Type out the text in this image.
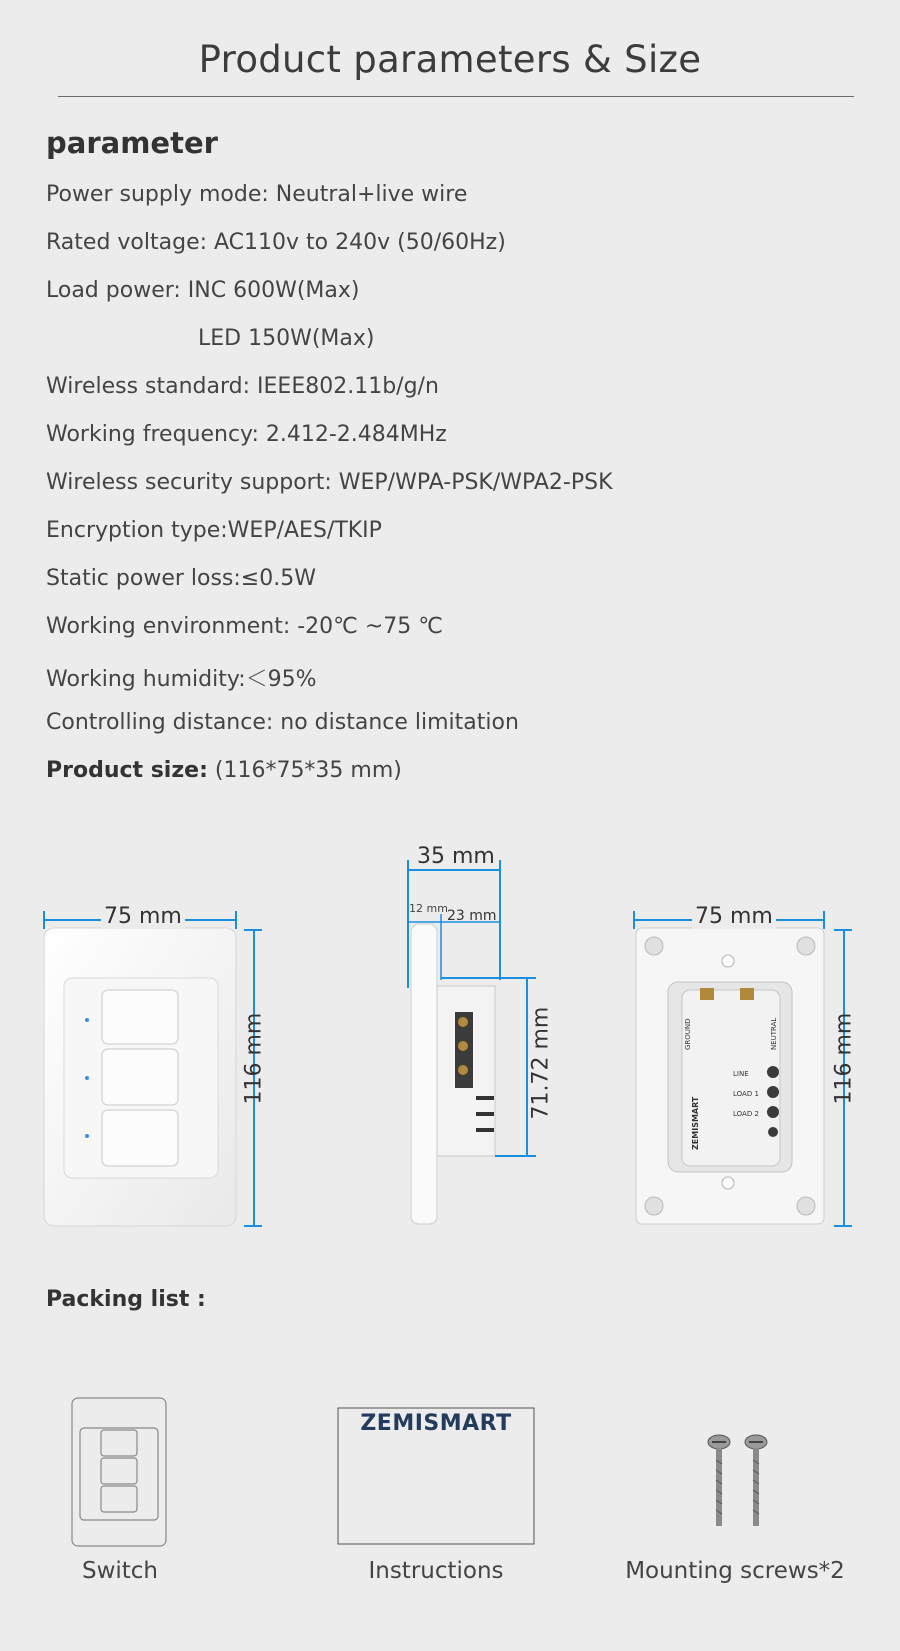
Product parameters & Size
parameter
Power supply mode: Neutral+live wire
Rated voltage: AC110v to 240v (50/60Hz)
Load power: INC 600W(Max)
LED 150W(Max)
Wireless standard: IEEE802.11b/g/n
Working frequency: 2.412-2.484MHz
Wireless security support: WEP/WPA-PSK/WPA2-PSK
Encryption type:WEP/AES/TKIP
Static power loss:≤0.5W
Working environment: -20℃ ~75 ℃
Working humidity:＜95%
Controlling distance: no distance limitation
Product size: (116*75*35 mm)
LINE
LOAD 1
LOAD 2
GROUND	NEUTRAL
ZEMISMART
75 mm
116 mm
35 mm
12 mm 23 mm
71.72 mm
75 mm
116 mm
Packing list :
ZEMISMART
Switch	Instructions	Mounting screws*2
